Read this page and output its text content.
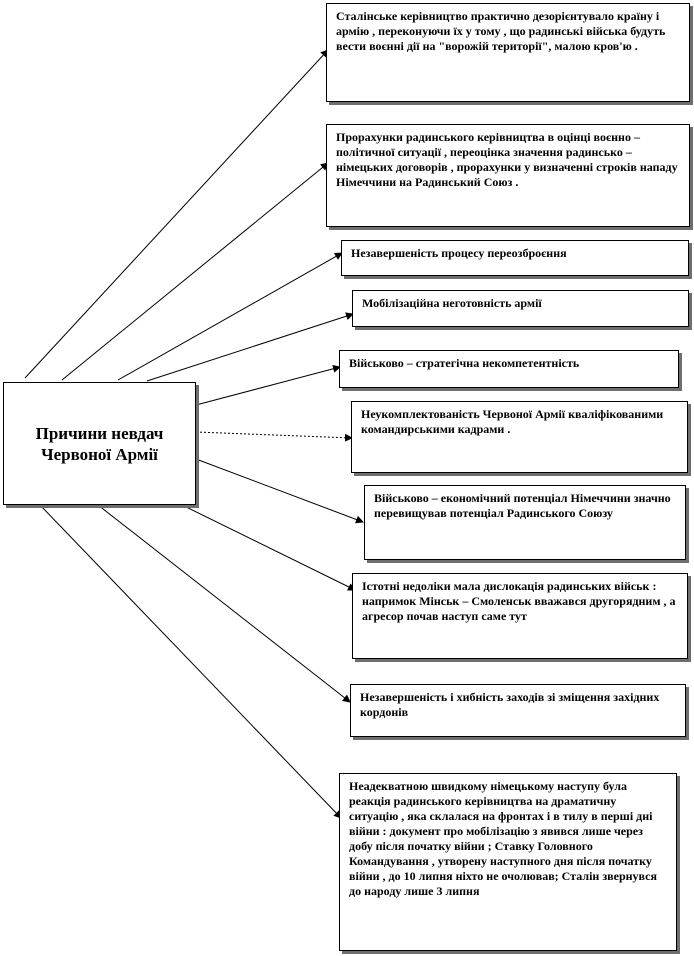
Причини невдач
Червоної Армії
Сталінське керівництво практично дезорієнтувало країну і армію , переконуючи їх у тому , що радинські війська будуть вести воєнні дії на "ворожій території", малою кров'ю .
Прорахунки радинського керівництва в оцінці воєнно – політичної ситуації , переоцінка значення радинсько – німецьких договорів , прорахунки у визначенні строків нападу Німеччини на Радинський Союз .
Незавершеність процесу переозброєння
Мобілізаційна неготовність армії
Військово – стратегічна некомпетентність
Неукомплектованість Червоної Армії кваліфікованими командирськими кадрами .
Військово – економічний потенціал Німеччини значно перевищував потенціал Радинського Союзу
Істотні недоліки мала дислокація радинських військ : напримок Мінськ – Смоленськ вважався другорядним , а агресор почав наступ саме тут
Незавершеність і хибність заходів зі зміщення західних кордонів
Неадекватною швидкому німецькому наступу була реакція радинського керівництва на драматичну ситуацію , яка склалася на фронтах і в тилу в перші дні війни : документ про мобілізацію з явився лише через добу після початку війни ; Ставку Головного Командування , утворену наступного дня після початку війни , до 10 липня ніхто не очолював; Сталін звернувся до народу лише 3 липня
